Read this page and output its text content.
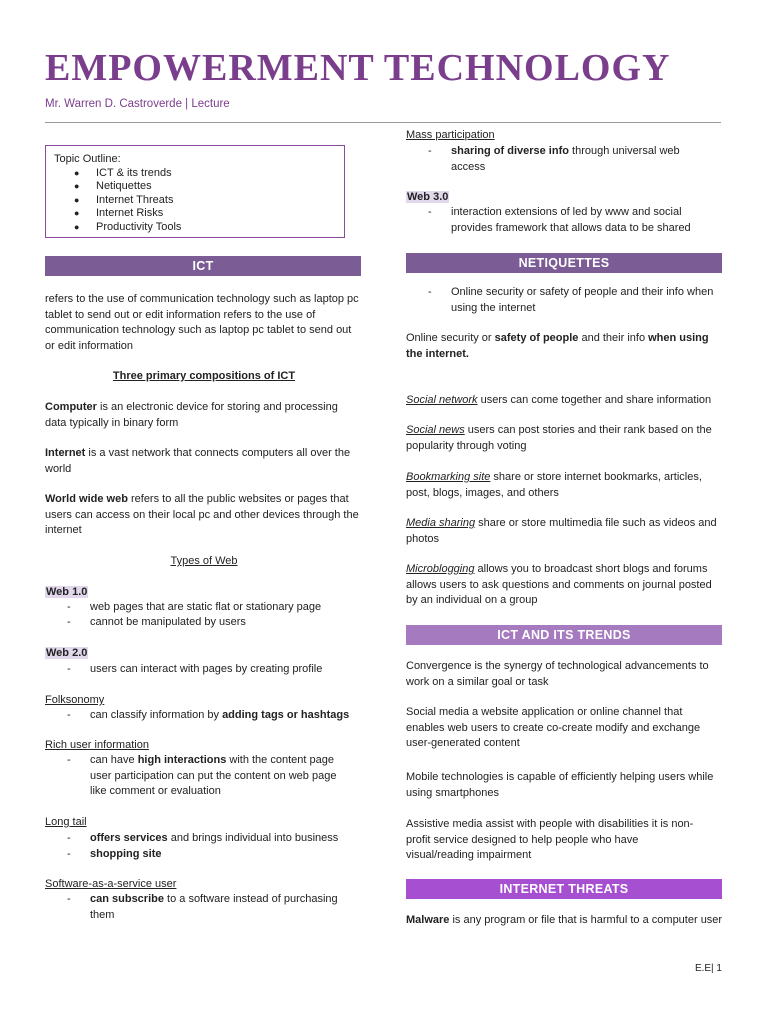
EMPOWERMENT TECHNOLOGY
Mr. Warren D. Castroverde | Lecture
Topic Outline:
● ICT & its trends
● Netiquettes
● Internet Threats
● Internet Risks
● Productivity Tools
ICT

refers to the use of communication technology such as laptop pc tablet to send out or edit information refers to the use of communication technology such as laptop pc tablet to send out or edit information

Three primary compositions of ICT

Computer is an electronic device for storing and processing data typically in binary form

Internet is a vast network that connects computers all over the world

World wide web refers to all the public websites or pages that users can access on their local pc and other devices through the internet

Types of Web

Web 1.0

- web pages that are static flat or stationary page
- cannot be manipulated by users

Web 2.0

- users can interact with pages by creating profile

Folksonomy

- can classify information by adding tags or hashtags

Rich user information

- can have high interactions with the content page user participation can put the content on web page like comment or evaluation

Long tail

- offers services and brings individual into business
- shopping site

Software-as-a-service user

- can subscribe to a software instead of purchasing them

Mass participation

- sharing of diverse info through universal web access

Web 3.0

- interaction extensions of led by www and social provides framework that allows data to be shared
NETIQUETTES
- Online security or safety of people and their info when using the internet

Online security or safety of people and their info when using the internet.

Social network users can come together and share information

Social news users can post stories and their rank based on the popularity through voting

Bookmarking site share or store internet bookmarks, articles, post, blogs, images, and others

Media sharing share or store multimedia file such as videos and photos

Microblogging allows you to broadcast short blogs and forums allows users to ask questions and comments on journal posted by an individual on a group

ICT AND ITS TRENDS

Convergence is the synergy of technological advancements to work on a similar goal or task

Social media a website application or online channel that enables web users to create co-create modify and exchange user-generated content

Mobile technologies is capable of efficiently helping users while using smartphones

Assistive media assist with people with disabilities it is non-profit service designed to help people who have visual/reading impairment

INTERNET THREATS

Malware is any program or file that is harmful to a computer user

E.E| 1
